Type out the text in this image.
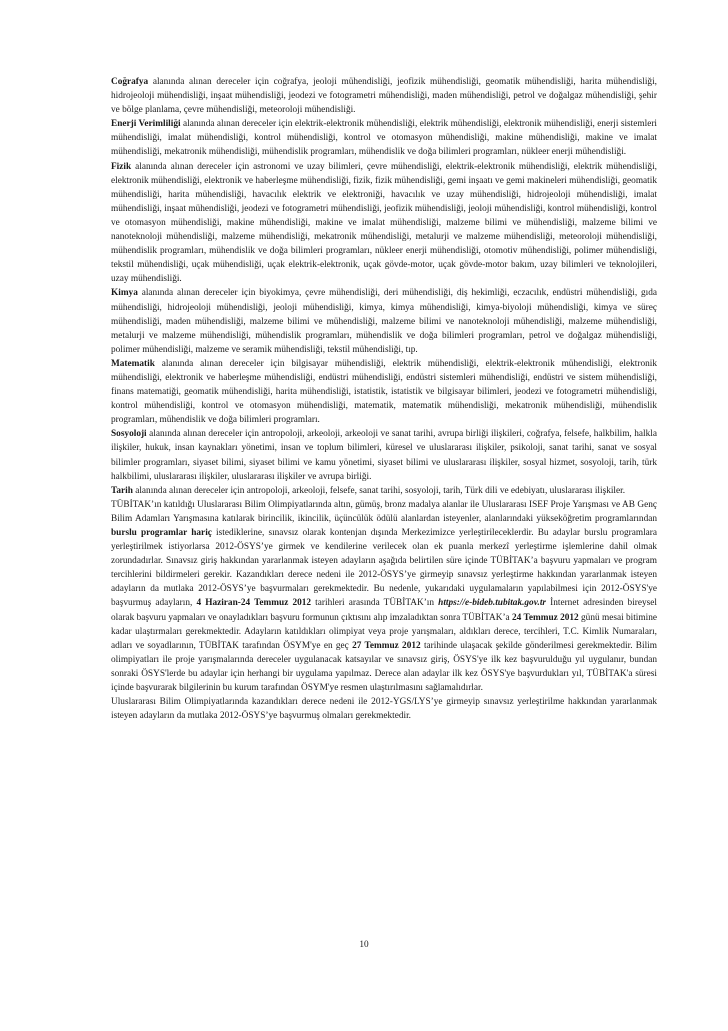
Coğrafya alanında alınan dereceler için coğrafya, jeoloji mühendisliği, jeofizik mühendisliği, geomatik mühendisliği, harita mühendisliği, hidrojeoloji mühendisliği, inşaat mühendisliği, jeodezi ve fotogrametri mühendisliği, maden mühendisliği, petrol ve doğalgaz mühendisliği, şehir ve bölge planlama, çevre mühendisliği, meteoroloji mühendisliği.

Enerji Verimliliği alanında alınan dereceler için elektrik-elektronik mühendisliği, elektrik mühendisliği, elektronik mühendisliği, enerji sistemleri mühendisliği, imalat mühendisliği, kontrol mühendisliği, kontrol ve otomasyon mühendisliği, makine mühendisliği, makine ve imalat mühendisliği, mekatronik mühendisliği, mühendislik programları, mühendislik ve doğa bilimleri programları, nükleer enerji mühendisliği.

Fizik alanında alınan dereceler için astronomi ve uzay bilimleri, çevre mühendisliği, elektrik-elektronik mühendisliği, elektrik mühendisliği, elektronik mühendisliği, elektronik ve haberleşme mühendisliği, fizik, fizik mühendisliği, gemi inşaatı ve gemi makineleri mühendisliği, geomatik mühendisliği, harita mühendisliği, havacılık elektrik ve elektroniği, havacılık ve uzay mühendisliği, hidrojeoloji mühendisliği, imalat mühendisliği, inşaat mühendisliği, jeodezi ve fotogrametri mühendisliği, jeofizik mühendisliği, jeoloji mühendisliği, kontrol mühendisliği, kontrol ve otomasyon mühendisliği, makine mühendisliği, makine ve imalat mühendisliği, malzeme bilimi ve mühendisliği, malzeme bilimi ve nanoteknoloji mühendisliği, malzeme mühendisliği, mekatronik mühendisliği, metalurji ve malzeme mühendisliği, meteoroloji mühendisliği, mühendislik programları, mühendislik ve doğa bilimleri programları, nükleer enerji mühendisliği, otomotiv mühendisliği, polimer mühendisliği, tekstil mühendisliği, uçak mühendisliği, uçak elektrik-elektronik, uçak gövde-motor, uçak gövde-motor bakım, uzay bilimleri ve teknolojileri, uzay mühendisliği.

Kimya alanında alınan dereceler için biyokimya, çevre mühendisliği, deri mühendisliği, diş hekimliği, eczacılık, endüstri mühendisliği, gıda mühendisliği, hidrojeoloji mühendisliği, jeoloji mühendisliği, kimya, kimya mühendisliği, kimya-biyoloji mühendisliği, kimya ve süreç mühendisliği, maden mühendisliği, malzeme bilimi ve mühendisliği, malzeme bilimi ve nanoteknoloji mühendisliği, malzeme mühendisliği, metalurji ve malzeme mühendisliği, mühendislik programları, mühendislik ve doğa bilimleri programları, petrol ve doğalgaz mühendisliği, polimer mühendisliği, malzeme ve seramik mühendisliği, tekstil mühendisliği, tıp.

Matematik alanında alınan dereceler için bilgisayar mühendisliği, elektrik mühendisliği, elektrik-elektronik mühendisliği, elektronik mühendisliği, elektronik ve haberleşme mühendisliği, endüstri mühendisliği, endüstri sistemleri mühendisliği, endüstri ve sistem mühendisliği, finans matematiği, geomatik mühendisliği, harita mühendisliği, istatistik, istatistik ve bilgisayar bilimleri, jeodezi ve fotogrametri mühendisliği, kontrol mühendisliği, kontrol ve otomasyon mühendisliği, matematik, matematik mühendisliği, mekatronik mühendisliği, mühendislik programları, mühendislik ve doğa bilimleri programları.

Sosyoloji alanında alınan dereceler için antropoloji, arkeoloji, arkeoloji ve sanat tarihi, avrupa birliği ilişkileri, coğrafya, felsefe, halkbilim, halkla ilişkiler, hukuk, insan kaynakları yönetimi, insan ve toplum bilimleri, küresel ve uluslararası ilişkiler, psikoloji, sanat tarihi, sanat ve sosyal bilimler programları, siyaset bilimi, siyaset bilimi ve kamu yönetimi, siyaset bilimi ve uluslararası ilişkiler, sosyal hizmet, sosyoloji, tarih, türk halkbilimi, uluslararası ilişkiler, uluslararası ilişkiler ve avrupa birliği.

Tarih alanında alınan dereceler için antropoloji, arkeoloji, felsefe, sanat tarihi, sosyoloji, tarih, Türk dili ve edebiyatı, uluslararası ilişkiler.

TÜBİTAK’ın katıldığı Uluslararası Bilim Olimpiyatlarında altın, gümüş, bronz madalya alanlar ile Uluslararası ISEF Proje Yarışması ve AB Genç Bilim Adamları Yarışmasına katılarak birincilik, ikincilik, üçüncülük ödülü alanlardan isteyenler, alanlarındaki yükseköğretim programlarından burslu programlar hariç istediklerine, sınavsız olarak kontenjan dışında Merkezimizce yerleştirileceklerdir. Bu adaylar burslu programlara yerleştirilmek istiyorlarsa 2012-ÖSYS’ye girmek ve kendilerine verilecek olan ek puanla merkezî yerleştirme işlemlerine dahil olmak zorundadırlar. Sınavsız giriş hakkından yararlanmak isteyen adayların aşağıda belirtilen süre içinde TÜBİTAK’a başvuru yapmaları ve program tercihlerini bildirmeleri gerekir. Kazandıkları derece nedeni ile 2012-ÖSYS’ye girmeyip sınavsız yerleştirme hakkından yararlanmak isteyen adayların da mutlaka 2012-ÖSYS’ye başvurmaları gerekmektedir. Bu nedenle, yukarıdaki uygulamaların yapılabilmesi için 2012-ÖSYS'ye başvurmuş adayların, 4 Haziran-24 Temmuz 2012 tarihleri arasında TÜBİTAK’ın https://e-bideb.tubitak.gov.tr İnternet adresinden bireysel olarak başvuru yapmaları ve onayladıkları başvuru formunun çıktısını alıp imzaladıktan sonra TÜBİTAK’a 24 Temmuz 2012 günü mesai bitimine kadar ulaştırmaları gerekmektedir. Adayların katıldıkları olimpiyat veya proje yarışmaları, aldıkları derece, tercihleri, T.C. Kimlik Numaraları, adları ve soyadlarının, TÜBİTAK tarafından ÖSYM'ye en geç 27 Temmuz 2012 tarihinde ulaşacak şekilde gönderilmesi gerekmektedir. Bilim olimpiyatları ile proje yarışmalarında dereceler uygulanacak katsayılar ve sınavsız giriş, ÖSYS'ye ilk kez başvurulduğu yıl uygulanır, bundan sonraki ÖSYS'lerde bu adaylar için herhangi bir uygulama yapılmaz. Derece alan adaylar ilk kez ÖSYS'ye başvurdukları yıl, TÜBİTAK'a süresi içinde başvurarak bilgilerinin bu kurum tarafından ÖSYM'ye resmen ulaştırılmasını sağlamalıdırlar.

Uluslararası Bilim Olimpiyatlarında kazandıkları derece nedeni ile 2012-YGS/LYS’ye girmeyip sınavsız yerleştirilme hakkından yararlanmak isteyen adayların da mutlaka 2012-ÖSYS’ye başvurmuş olmaları gerekmektedir.

10
